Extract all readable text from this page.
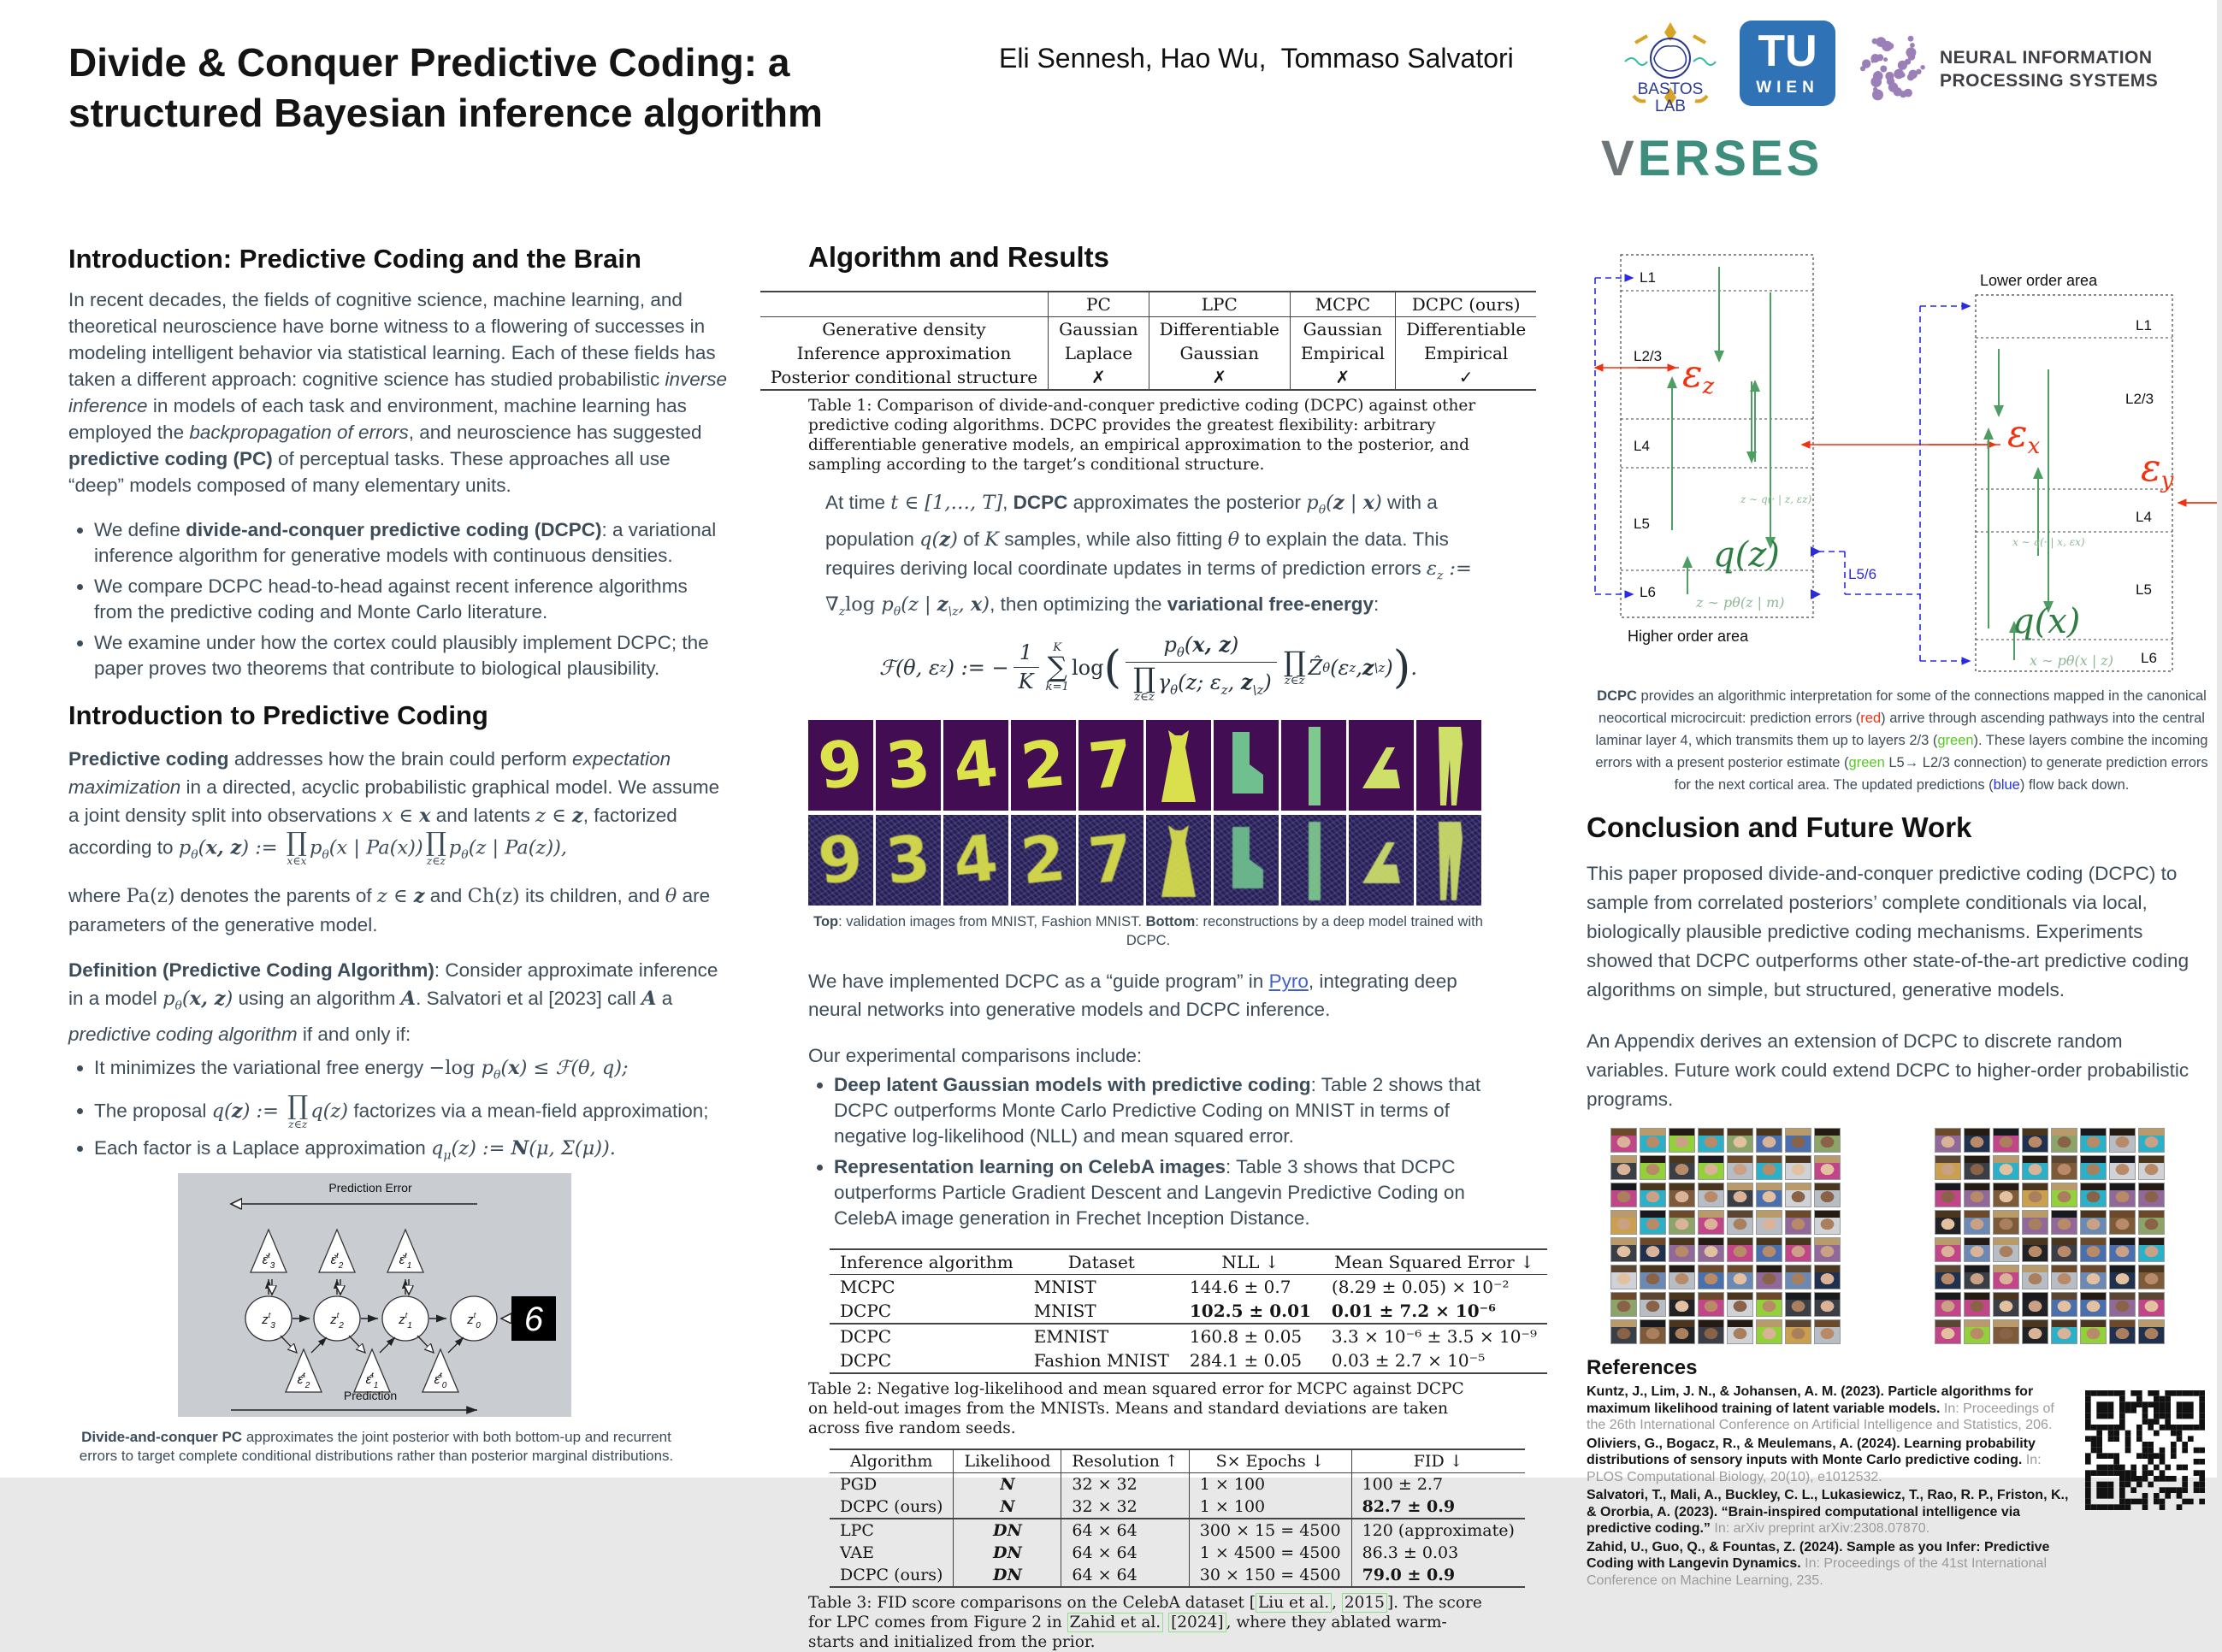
Divide & Conquer Predictive Coding: a structured Bayesian inference algorithm
Eli Sennesh, Hao Wu,  Tommaso Salvatori
BASTOS
LAB
TU
WIEN
NEURAL INFORMATION
PROCESSING SYSTEMS
VERSES
Introduction: Predictive Coding and the Brain
In recent decades, the fields of cognitive science, machine learning, and theoretical neuroscience have borne witness to a flowering of successes in modeling intelligent behavior via statistical learning. Each of these fields has taken a different approach: cognitive science has studied probabilistic inverse inference in models of each task and environment, machine learning has employed the backpropagation of errors, and neuroscience has suggested predictive coding (PC) of perceptual tasks. These approaches all use “deep” models composed of many elementary units.
• We define divide-and-conquer predictive coding (DCPC): a variational inference algorithm for generative models with continuous densities.
• We compare DCPC head-to-head against recent inference algorithms from the predictive coding and Monte Carlo literature.
• We examine under how the cortex could plausibly implement DCPC; the paper proves two theorems that contribute to biological plausibility.
Introduction to Predictive Coding
Predictive coding addresses how the brain could perform expectation maximization in a directed, acyclic probabilistic graphical model. We assume a joint density split into observations x ∈ x and latents z ∈ z, factorized according to $p_\theta(x$, z) := ∏
x∈x
$p_\theta(x$ | Pa(x)) ∏
z∈z
$p_\theta(z$ | Pa(z)),
where Pa(z) denotes the parents of z ∈ z and Ch(z) its children, and θ are parameters of the generative model.
Definition (Predictive Coding Algorithm): Consider approximate inference in a model $p_\theta(x$, z) using an algorithm A. Salvatori et al [2023] call A a predictive coding algorithm if and only if:
• It minimizes the variational free energy −log $p_\theta(x)$ ≤ ℱ(θ, q);
• The proposal q(z) := ∏
z∈z
q(z) factorizes via a mean-field approximation;
• Each factor is a Laplace approximation $q_\mu(z)$ := N(μ, Σ(μ)).
Prediction Error
ε̌$^t_3$	ε̌$^t_2$	ε̌$^t_1$
$z^t_3$	$z^t_2$	$z^t_1$	$z^t_0$ 6
ε̂$^t_2$	ε̂$^t_1$	ε̂$^t_0$
Prediction
Divide-and-conquer PC approximates the joint posterior with both bottom-up and recurrent errors to target complete conditional distributions rather than posterior marginal distributions.
Algorithm and Results
	PC	LPC	MCPC	DCPC (ours)
Generative density	Gaussian	Differentiable	Gaussian	Differentiable
Inference approximation	Laplace	Gaussian	Empirical	Empirical
Posterior conditional structure	✗	✗	✗	✓
Table 1: Comparison of divide-and-conquer predictive coding (DCPC) against other predictive coding algorithms. DCPC provides the greatest flexibility: arbitrary differentiable generative models, an empirical approximation to the posterior, and sampling according to the target’s conditional structure.
At time t ∈ [1,…, T], DCPC approximates the posterior $p_\theta(z$ | x) with a population q(z) of K samples, while also fitting θ to explain the data. This requires deriving local coordinate updates in terms of prediction errors $\varepsilon_z$ := $\nabla_z\log$ $p_\theta(z$ | $z_{\backslash z}$, x), then optimizing the variational free-energy:
ℱ(θ, ε z ) := − $\frac{1}{K}$ K
∑
k=1
log ( $p_\theta(x$, z)
∏
z∈z
$\gamma_\theta(z$; $\varepsilon_z$, $z_{\backslash z}$) ∏
z∈z
Ẑ θ (ε z , z \z ) ) .
9 3 4 2 7
9 3 4 2 7
Top: validation images from MNIST, Fashion MNIST. Bottom: reconstructions by a deep model trained with DCPC.
We have implemented DCPC as a “guide program” in Pyro, integrating deep neural networks into generative models and DCPC inference.
Our experimental comparisons include:
• Deep latent Gaussian models with predictive coding: Table 2 shows that DCPC outperforms Monte Carlo Predictive Coding on MNIST in terms of negative log-likelihood (NLL) and mean squared error.
• Representation learning on CelebA images: Table 3 shows that DCPC outperforms Particle Gradient Descent and Langevin Predictive Coding on CelebA image generation in Frechet Inception Distance.
Inference algorithm	Dataset	NLL ↓	Mean Squared Error ↓
MCPC	MNIST	144.6 ± 0.7	(8.29 ± 0.05) × 10⁻²
DCPC	MNIST	102.5 ± 0.01	0.01 ± 7.2 × 10⁻⁶
DCPC	EMNIST	160.8 ± 0.05	3.3 × 10⁻⁶ ± 3.5 × 10⁻⁹
DCPC	Fashion MNIST	284.1 ± 0.05	0.03 ± 2.7 × 10⁻⁵
Table 2: Negative log-likelihood and mean squared error for MCPC against DCPC on held-out images from the MNISTs. Means and standard deviations are taken across five random seeds.
Algorithm	Likelihood	Resolution ↑	S× Epochs ↓	FID ↓
PGD	N	32 × 32	1 × 100	100 ± 2.7
DCPC (ours)	N	32 × 32	1 × 100	82.7 ± 0.9
LPC	DN	64 × 64	300 × 15 = 4500	120 (approximate)
VAE	DN	64 × 64	1 × 4500 = 4500	86.3 ± 0.03
DCPC (ours)	DN	64 × 64	30 × 150 = 4500	79.0 ± 0.9
Table 3: FID score comparisons on the CelebA dataset [ Liu et al. , 2015 ]. The score for LPC comes from Figure 2 in Zahid et al. [2024] , where they ablated warm-starts and initialized from the prior.
L1
L2/3
L4
L5
L6
Higher order area
εz
z ∼ q(· | z, εz)
q(z)
z ∼ pθ(z | m)
L5/6
Lower order area
L1
L2/3
L4
L5
L6
εx	εy
x ∼ q(· | x, εx)
q(x)
x ∼ pθ(x | z)
DCPC provides an algorithmic interpretation for some of the connections mapped in the canonical neocortical microcircuit: prediction errors (red) arrive through ascending pathways into the central laminar layer 4, which transmits them up to layers 2/3 (green). These layers combine the incoming errors with a present posterior estimate (green L5→ L2/3 connection) to generate prediction errors for the next cortical area. The updated predictions (blue) flow back down.
Conclusion and Future Work
This paper proposed divide-and-conquer predictive coding (DCPC) to sample from correlated posteriors’ complete conditionals via local, biologically plausible predictive coding mechanisms. Experiments showed that DCPC outperforms other state-of-the-art predictive coding algorithms on simple, but structured, generative models.
An Appendix derives an extension of DCPC to discrete random variables. Future work could extend DCPC to higher-order probabilistic programs.
References
Kuntz, J., Lim, J. N., & Johansen, A. M. (2023). Particle algorithms for maximum likelihood training of latent variable models. In: Proceedings of the 26th International Conference on Artificial Intelligence and Statistics, 206.
Oliviers, G., Bogacz, R., & Meulemans, A. (2024). Learning probability distributions of sensory inputs with Monte Carlo predictive coding. In: PLOS Computational Biology, 20(10), e1012532.
Salvatori, T., Mali, A., Buckley, C. L., Lukasiewicz, T., Rao, R. P., Friston, K., & Ororbia, A. (2023). “Brain-inspired computational intelligence via predictive coding.” In: arXiv preprint arXiv:2308.07870.
Zahid, U., Guo, Q., & Fountas, Z. (2024). Sample as you Infer: Predictive Coding with Langevin Dynamics. In: Proceedings of the 41st International Conference on Machine Learning, 235.
